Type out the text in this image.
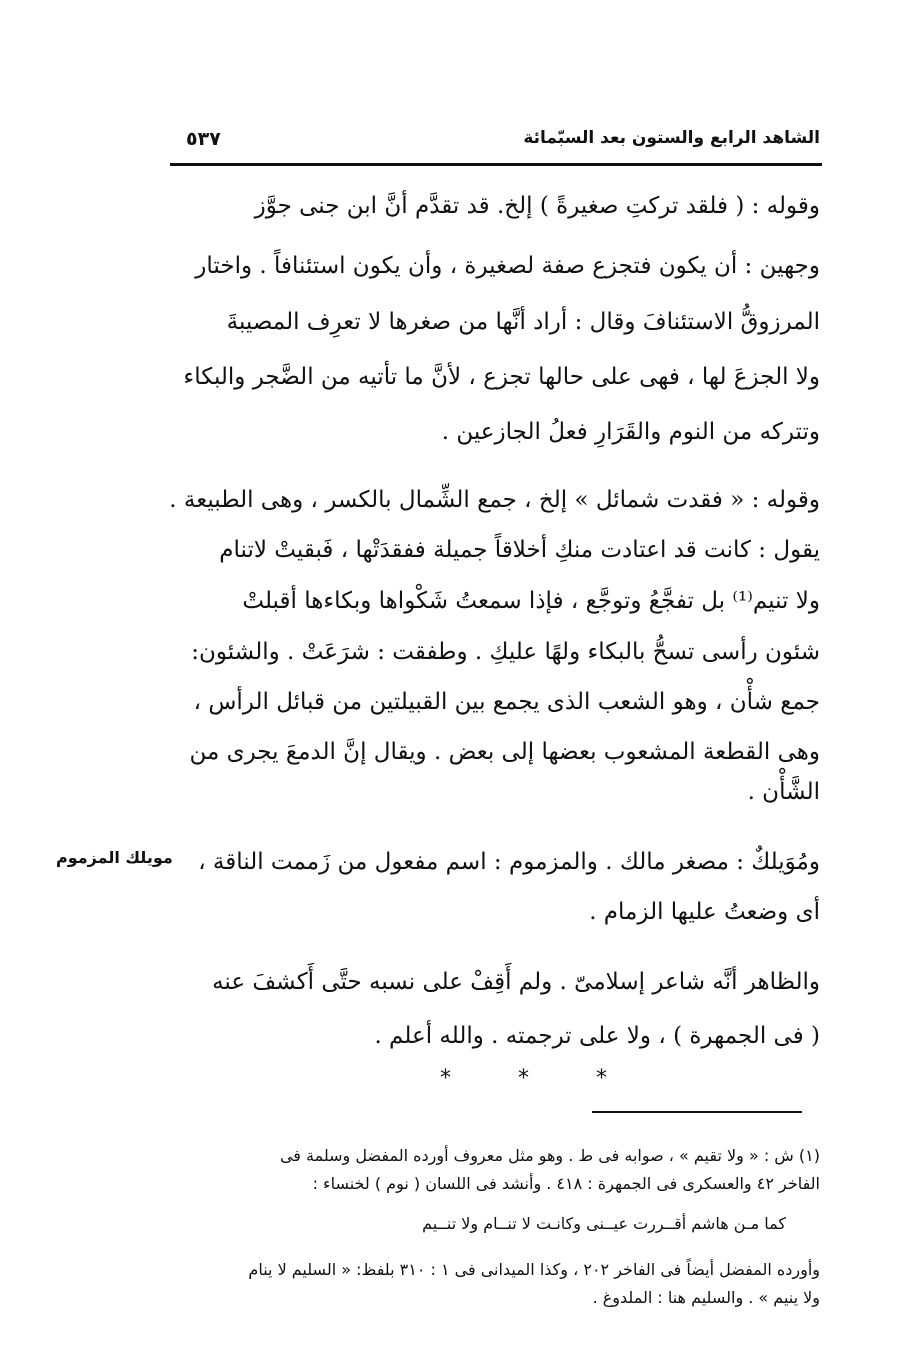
الشاهد الرابع والستون بعد السبّمائة
٥٣٧
وقوله : ( فلقد تركتِ صغيرةً ) إلخ. قد تقدَّم أنَّ ابن جنى جوَّز
وجهين : أن يكون فتجزع صفة لصغيرة ، وأن يكون استئنافاً . واختار
المرزوقُّ الاستئنافَ وقال : أراد أنَّها من صغرها لا تعرِف المصيبةَ
ولا الجزعَ لها ، فهى على حالها تجزع ، لأنَّ ما تأتيه من الضَّجر والبكاء
وتتركه من النوم والقَرَارِ فعلُ الجازعين .
وقوله : « فقدت شمائل » إلخ ، جمع الشِّمال بالكسر ، وهى الطبيعة .
يقول : كانت قد اعتادت منكِ أخلاقاً جميلة ففقدَتْها ، فَبقيتْ لاتنام
ولا تنيم⁽¹⁾ بل تفجَّعُ وتوجَّع ، فإذا سمعتُ شَكْواها وبكاءها أقبلتْ
شئون رأسى تسحُّ بالبكاء ولهًا عليكِ . وطفقت : شرَعَتْ . والشئون:
جمع شأْن ، وهو الشعب الذى يجمع بين القبيلتين من قبائل الرأس ،
وهى القطعة المشعوب بعضها إلى بعض . ويقال إنَّ الدمعَ يجرى من
الشَّأْن .
ومُوَيلكٌ : مصغر مالك . والمزموم : اسم مفعول من زَممت الناقة ،
أى وضعتُ عليها الزمام .
مويلك المزموم
والظاهر أنَّه شاعر إسلامىّ . ولم أَقِفْ على نسبه حتَّى أَكشفَ عنه
( فى الجمهرة ) ، ولا على ترجمته . والله أعلم .
* * *
(١) ش : « ولا تقيم » ، صوابه فى ط . وهو مثل معروف أورده المفضل وسلمة فى
الفاخر ٤٢ والعسكرى فى الجمهرة : ٤١٨ . وأنشد فى اللسان ( نوم ) لخنساء :
كما مـن هاشم أقــررت عيــنى وكانـت لا تنــام ولا تنــيم
وأورده المفضل أيضاً فى الفاخر ٢٠٢ ، وكذا الميدانى فى ١ : ٣١٠ بلفظ: « السليم لا ينام
ولا ينيم » . والسليم هنا : الملدوغ .
